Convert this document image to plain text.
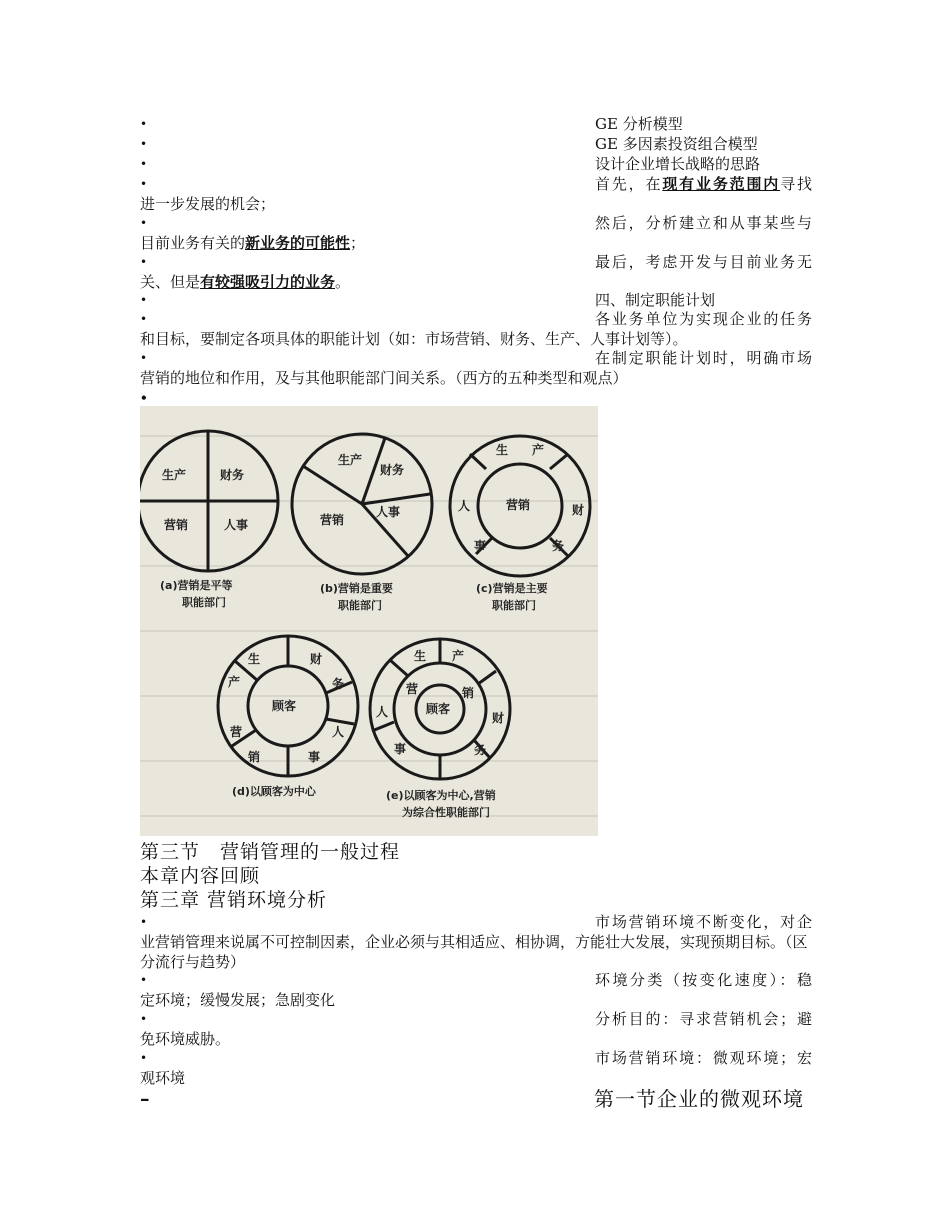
•	GE 分析模型
•	GE 多因素投资组合模型
•	设计企业增长战略的思路
•	首先，在现有业务范围内寻找
进一步发展的机会；
•	然后，分析建立和从事某些与
目前业务有关的新业务的可能性；
•	最后，考虑开发与目前业务无
关、但是有较强吸引力的业务。
•	四、制定职能计划
•	各业务单位为实现企业的任务
和目标，要制定各项具体的职能计划（如：市场营销、财务、生产、人事计划等）。
•	在制定职能计划时，明确市场
营销的地位和作用，及与其他职能部门间关系。（西方的五种类型和观点）
•
生产	财务
营销	人事
(a)营销是平等
职能部门
生产
财务
营销
人事
(b)营销是重要
职能部门
生 产
人	财
事	务
营销
(c)营销是主要
职能部门
生	财
产	务
顾客
人
营
销	事
(d)以顾客为中心
生 产
营	销
人	顾客
财
事	务
(e)以顾客为中心,营销
为综合性职能部门
第三节　营销管理的一般过程
本章内容回顾
第三章 营销环境分析
•	市场营销环境不断变化，对企
业营销管理来说属不可控制因素，企业必须与其相适应、相协调，方能壮大发展，实现预期目标。（区分流行与趋势）
•	环境分类（按变化速度）：稳
定环境；缓慢发展；急剧变化
•	分析目的：寻求营销机会；避
免环境威胁。
•	市场营销环境：微观环境；宏
观环境
–	第一节企业的微观环境
